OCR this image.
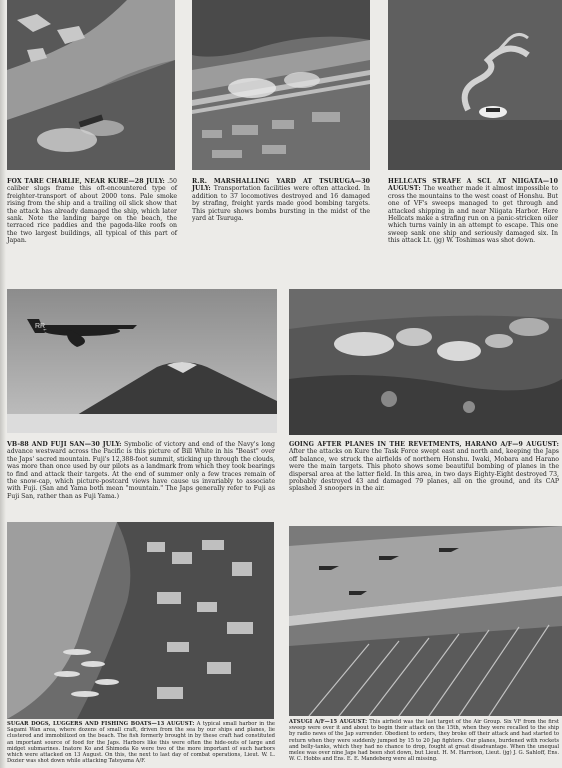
FOX TARE CHARLIE, NEAR KURE—28 JULY: .50 caliber slugs frame this oft-encountered type of freighter-transport of about 2000 tons. Pale smoke rising from the ship and a trailing oil slick show that the attack has already damaged the ship, which later sank. Note the landing barge on the beach, the terraced rice paddies and the pagoda-like roofs on the two largest buildings, all typical of this part of Japan.

R.R. MARSHALLING YARD AT TSURUGA—30 JULY: Transportation facilities were often attacked. In addition to 37 locomotives destroyed and 16 damaged by strafing, freight yards made good bombing targets. This picture shows bombs bursting in the midst of the yard at Tsuruga.

HELLCATS STRAFE A SCL AT NIIGATA—10 AUGUST: The weather made it almost impossible to cross the mountains to the west coast of Honshu. But one of VF's sweeps managed to get through and attacked shipping in and near Niigata Harbor. Here Hellcats make a strafing run on a panic-stricken oiler which turns vainly in an attempt to escape. This one sweep sank one ship and seriously damaged six. In this attack Lt. (jg) W. Toshimas was shot down.

RR

VB-88 AND FUJI SAN—30 JULY: Symbolic of victory and end of the Navy's long advance westward across the Pacific is this picture of Bill White in his "Beast" over the Japs' sacred mountain. Fuji's 12,388-foot summit, sticking up through the clouds, was more than once used by our pilots as a landmark from which they took bearings to find and attack their targets. At the end of summer only a few traces remain of the snow-cap, which picture-postcard views have cause us invariably to associate with Fuji. (San and Yama both mean "mountain." The Japs generally refer to Fuji as Fuji San, rather than as Fuji Yama.)

GOING AFTER PLANES IN THE REVETMENTS, HARANO A/F—9 AUGUST: After the attacks on Kure the Task Force swept east and north and, keeping the Japs off balance, we struck the airfields of northern Honshu. Iwaki, Mobara and Harano were the main targets. This photo shows some beautiful bombing of planes in the dispersal area at the latter field. In this area, in two days Eighty-Eight destroyed 73, probably destroyed 43 and damaged 79 planes, all on the ground, and its CAP splashed 3 snoopers in the air.

SUGAR DOGS, LUGGERS AND FISHING BOATS—13 AUGUST: A typical small harbor in the Sagami Wan area, where dozens of small craft, driven from the sea by our ships and planes, lie clustered and immobilized on the beach. The fish formerly brought in by these craft had constituted an important source of food for the Japs. Harbors like this were often the hide-outs of large and midget submarines. Inatore Ko and Shimoda Ko were two of the more important of such harbors which were attacked on 13 August. On this, the next to last day of combat operations, Lieut. W. L. Dozier was shot down while attacking Tateyama A/F.

ATSUGI A/F—15 AUGUST: This airfield was the last target of the Air Group. Six VF from the first sweep were over it and about to begin their attack on the 15th, when they were recalled to the ship by radio news of the Jap surrender. Obedient to orders, they broke off their attack and had started to return when they were suddenly jumped by 15 to 20 Jap fighters. Our planes, burdened with rockets and belly-tanks, which they had no chance to drop, fought at great disadvantage. When the unequal melee was over nine Japs had been shot down, but Lieut. H. M. Harrison, Lieut. (jg) J. G. Sahloff, Ens. W. C. Hobbs and Ens. E. E. Mandeberg were all missing.
